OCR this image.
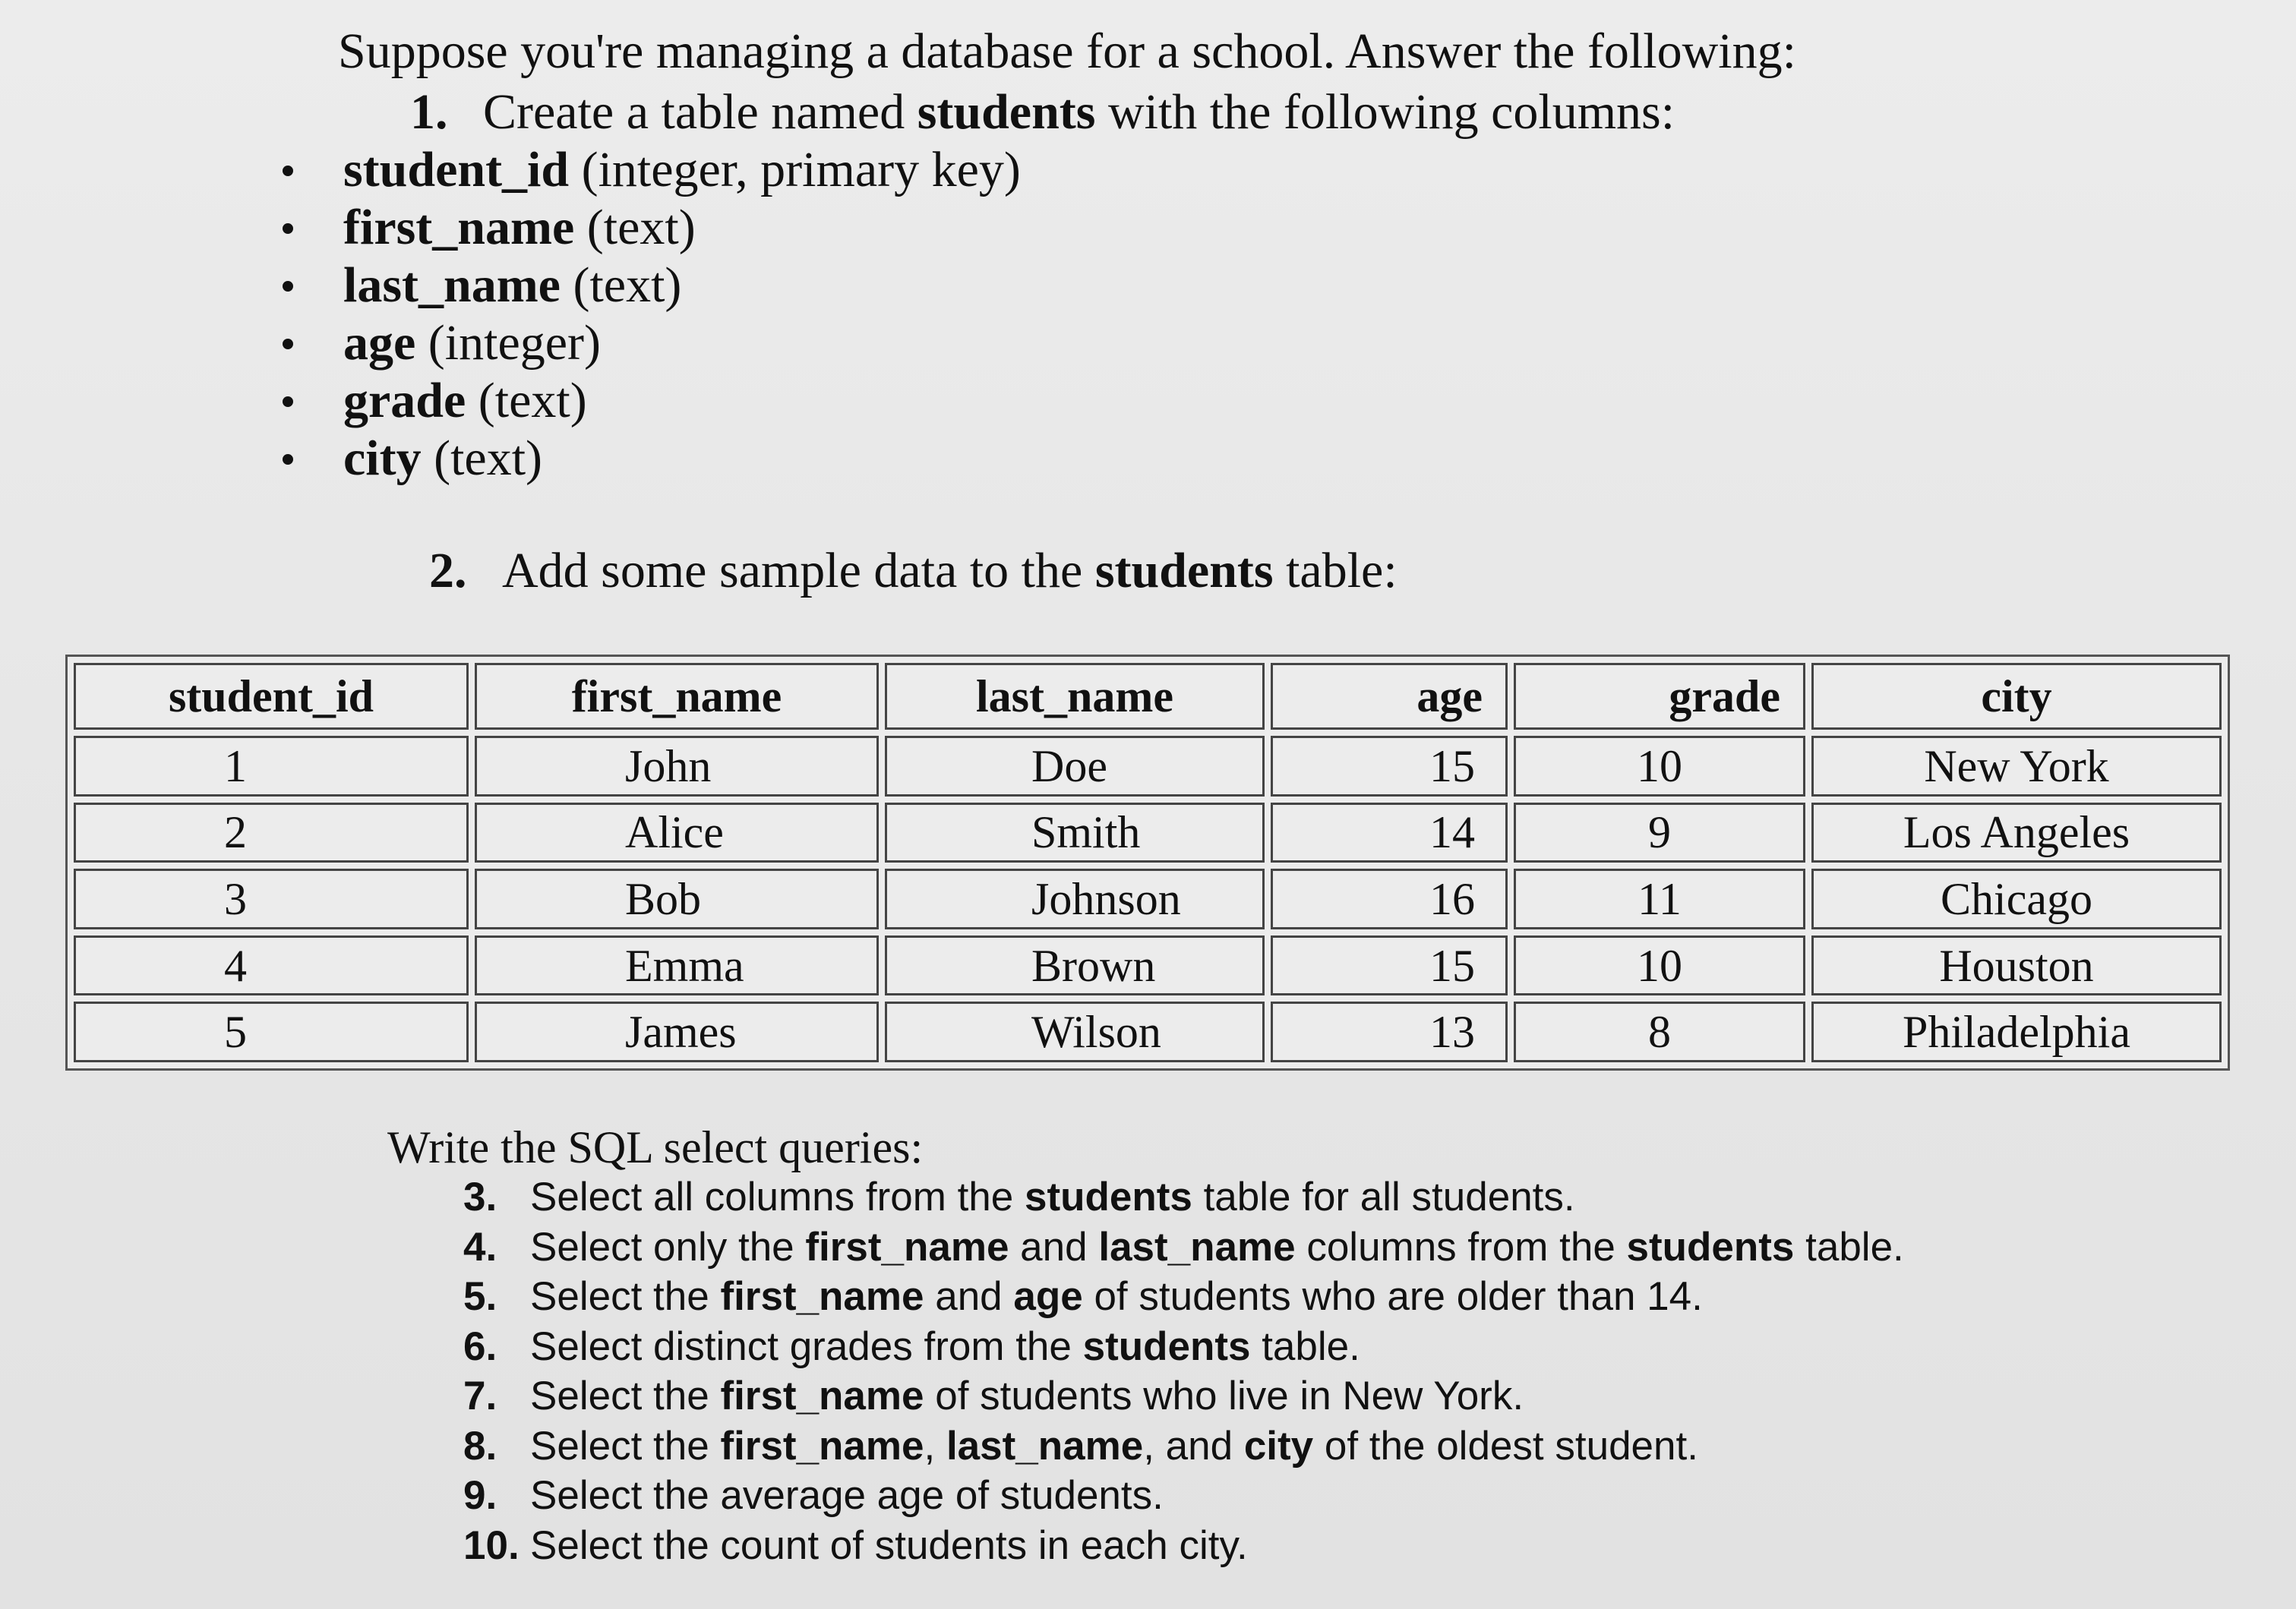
Suppose you're managing a database for a school. Answer the following:
1. Create a table named students with the following columns:
student_id (integer, primary key)
first_name (text)
last_name (text)
age (integer)
grade (text)
city (text)
2. Add some sample data to the students table:
student_id	first_name	last_name	age	grade	city
1	John	Doe	15	10	New York
2	Alice	Smith	14	9	Los Angeles
3	Bob	Johnson	16	11	Chicago
4	Emma	Brown	15	10	Houston
5	James	Wilson	13	8	Philadelphia
Write the SQL select queries:
3. Select all columns from the students table for all students.
4. Select only the first_name and last_name columns from the students table.
5. Select the first_name and age of students who are older than 14.
6. Select distinct grades from the students table.
7. Select the first_name of students who live in New York.
8. Select the first_name, last_name, and city of the oldest student.
9. Select the average age of students.
10. Select the count of students in each city.
